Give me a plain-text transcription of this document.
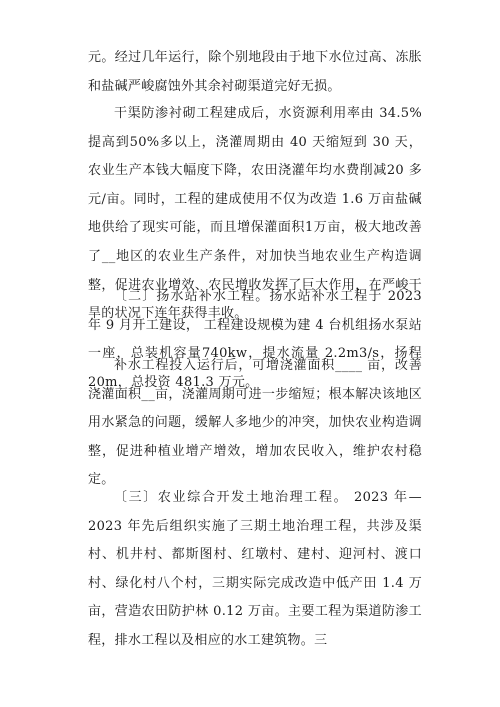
元。经过几年运行，除个别地段由于地下水位过高、冻胀和盐碱严峻腐蚀外其余衬砌渠道完好无损。

干渠防渗衬砌工程建成后，水资源利用率由 34.5%提高到50%多以上，浇灌周期由 40 天缩短到 30 天，农业生产本钱大幅度下降，农田浇灌年均水费削减20 多元/亩。同时，工程的建成使用不仅为改造 1.6 万亩盐碱地供给了现实可能，而且增保灌面积1万亩，极大地改善了__地区的农业生产条件，对加快当地农业生产构造调整，促进农业增效、农民增收发挥了巨大作用，在严峻干旱的状况下连年获得丰收。

〔二〕扬水站补水工程。扬水站补水工程于 2023 年 9 月开工建设， 工程建设规模为建 4 台机组扬水泵站一座，总装机容量740kw，提水流量 2.2m3/s，扬程 20m，总投资 481.3 万元。

补水工程投入运行后，可增浇灌面积____ 亩，改善浇灌面积__亩，浇灌周期可进一步缩短；根本解决该地区用水紧急的问题，缓解人多地少的冲突，加快农业构造调整，促进种植业增产增效，增加农民收入，维护农村稳定。

〔三〕农业综合开发土地治理工程。 2023 年—2023 年先后组织实施了三期土地治理工程，共涉及渠村、机井村、都斯图村、红墩村、建村、迎河村、渡口村、绿化村八个村，三期实际完成改造中低产田 1.4 万亩，营造农田防护林 0.12 万亩。主要工程为渠道防渗工程，排水工程以及相应的水工建筑物。三
